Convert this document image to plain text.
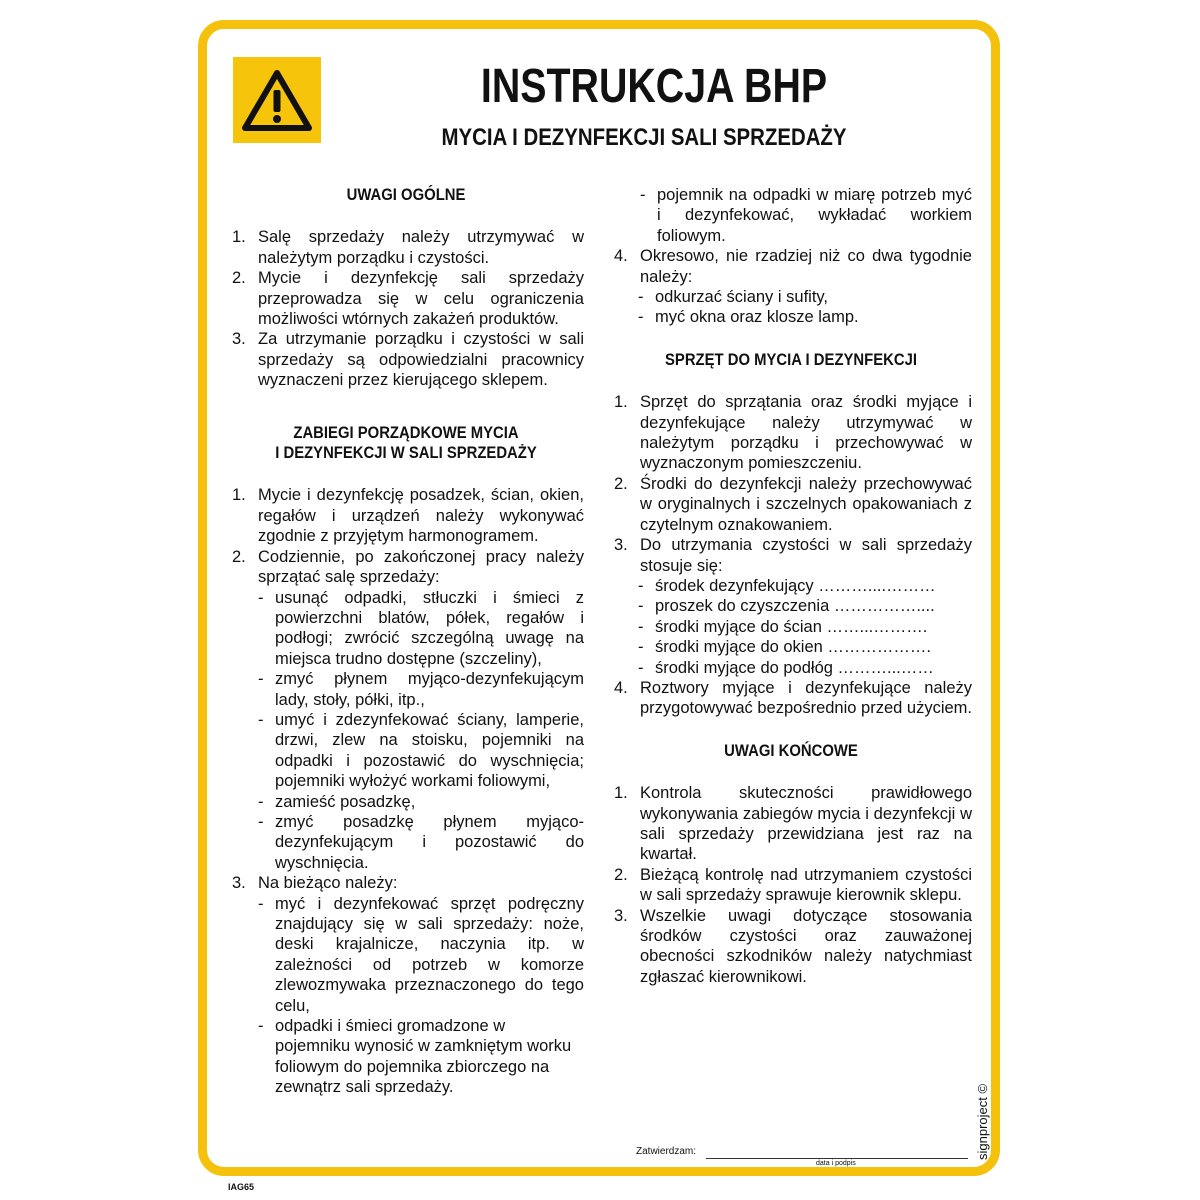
INSTRUKCJA BHP
MYCIA I DEZYNFEKCJI SALI SPRZEDAŻY

UWAGI OGÓLNE

1. Salę sprzedaży należy utrzymywać w należytym porządku i czystości.
2. Mycie i dezynfekcję sali sprzedaży przeprowadza się w celu ograniczenia możliwości wtórnych zakażeń produktów.
3. Za utrzymanie porządku i czystości w sali sprzedaży są odpowiedzialni pracownicy wyznaczeni przez kierującego sklepem.

ZABIEGI PORZĄDKOWE MYCIA

I DEZYNFEKCJI W SALI SPRZEDAŻY

1. Mycie i dezynfekcję posadzek, ścian, okien, regałów i urządzeń należy wykonywać zgodnie z przyjętym harmonogramem.
2. Codziennie, po zakończonej pracy należy sprzątać salę sprzedaży:
- usunąć odpadki, stłuczki i śmieci z powierzchni blatów, półek, regałów i podłogi; zwrócić szczególną uwagę na miejsca trudno dostępne (szczeliny),
- zmyć płynem myjąco-dezynfekującym lady, stoły, półki, itp.,
- umyć i zdezynfekować ściany, lamperie, drzwi, zlew na stoisku, pojemniki na odpadki i pozostawić do wyschnięcia; pojemniki wyłożyć workami foliowymi,
- zamieść posadzkę,
- zmyć posadzkę płynem myjąco-dezynfekującym i pozostawić do wyschnięcia.
3. Na bieżąco należy:
- myć i dezynfekować sprzęt podręczny znajdujący się w sali sprzedaży: noże, deski krajalnicze, naczynia itp. w zależności od potrzeb w komorze zlewozmywaka przeznaczonego do tego celu,
- odpadki i śmieci gromadzone w pojemniku wynosić w zamkniętym worku foliowym do pojemnika zbiorczego na zewnątrz sali sprzedaży.
- pojemnik na odpadki w miarę potrzeb myć i dezynfekować, wykładać workiem foliowym.
4. Okresowo, nie rzadziej niż co dwa tygodnie należy:
- odkurzać ściany i sufity,
- myć okna oraz klosze lamp.

SPRZĘT DO MYCIA I DEZYNFEKCJI

1. Sprzęt do sprzątania oraz środki myjące i dezynfekujące należy utrzymywać w należytym porządku i przechowywać w wyznaczonym pomieszczeniu.
2. Środki do dezynfekcji należy przechowywać w oryginalnych i szczelnych opakowaniach z czytelnym oznakowaniem.
3. Do utrzymania czystości w sali sprzedaży stosuje się:
- środek dezynfekujący ………....………
- proszek do czyszczenia ……………....
- środki myjące do ścian ……...……….
- środki myjące do okien ……………….
- środki myjące do podłóg ………...……
4. Roztwory myjące i dezynfekujące należy przygotowywać bezpośrednio przed użyciem.

UWAGI KOŃCOWE

1. Kontrola skuteczności prawidłowego wykonywania zabiegów mycia i dezynfekcji w sali sprzedaży przewidziana jest raz na kwartał.
2. Bieżącą kontrolę nad utrzymaniem czystości w sali sprzedaży sprawuje kierownik sklepu.
3. Wszelkie uwagi dotyczące stosowania środków czystości oraz zauważonej obecności szkodników należy natychmiast zgłaszać kierownikowi.
Zatwierdzam:
data i podpis
signproject ©
IAG65
